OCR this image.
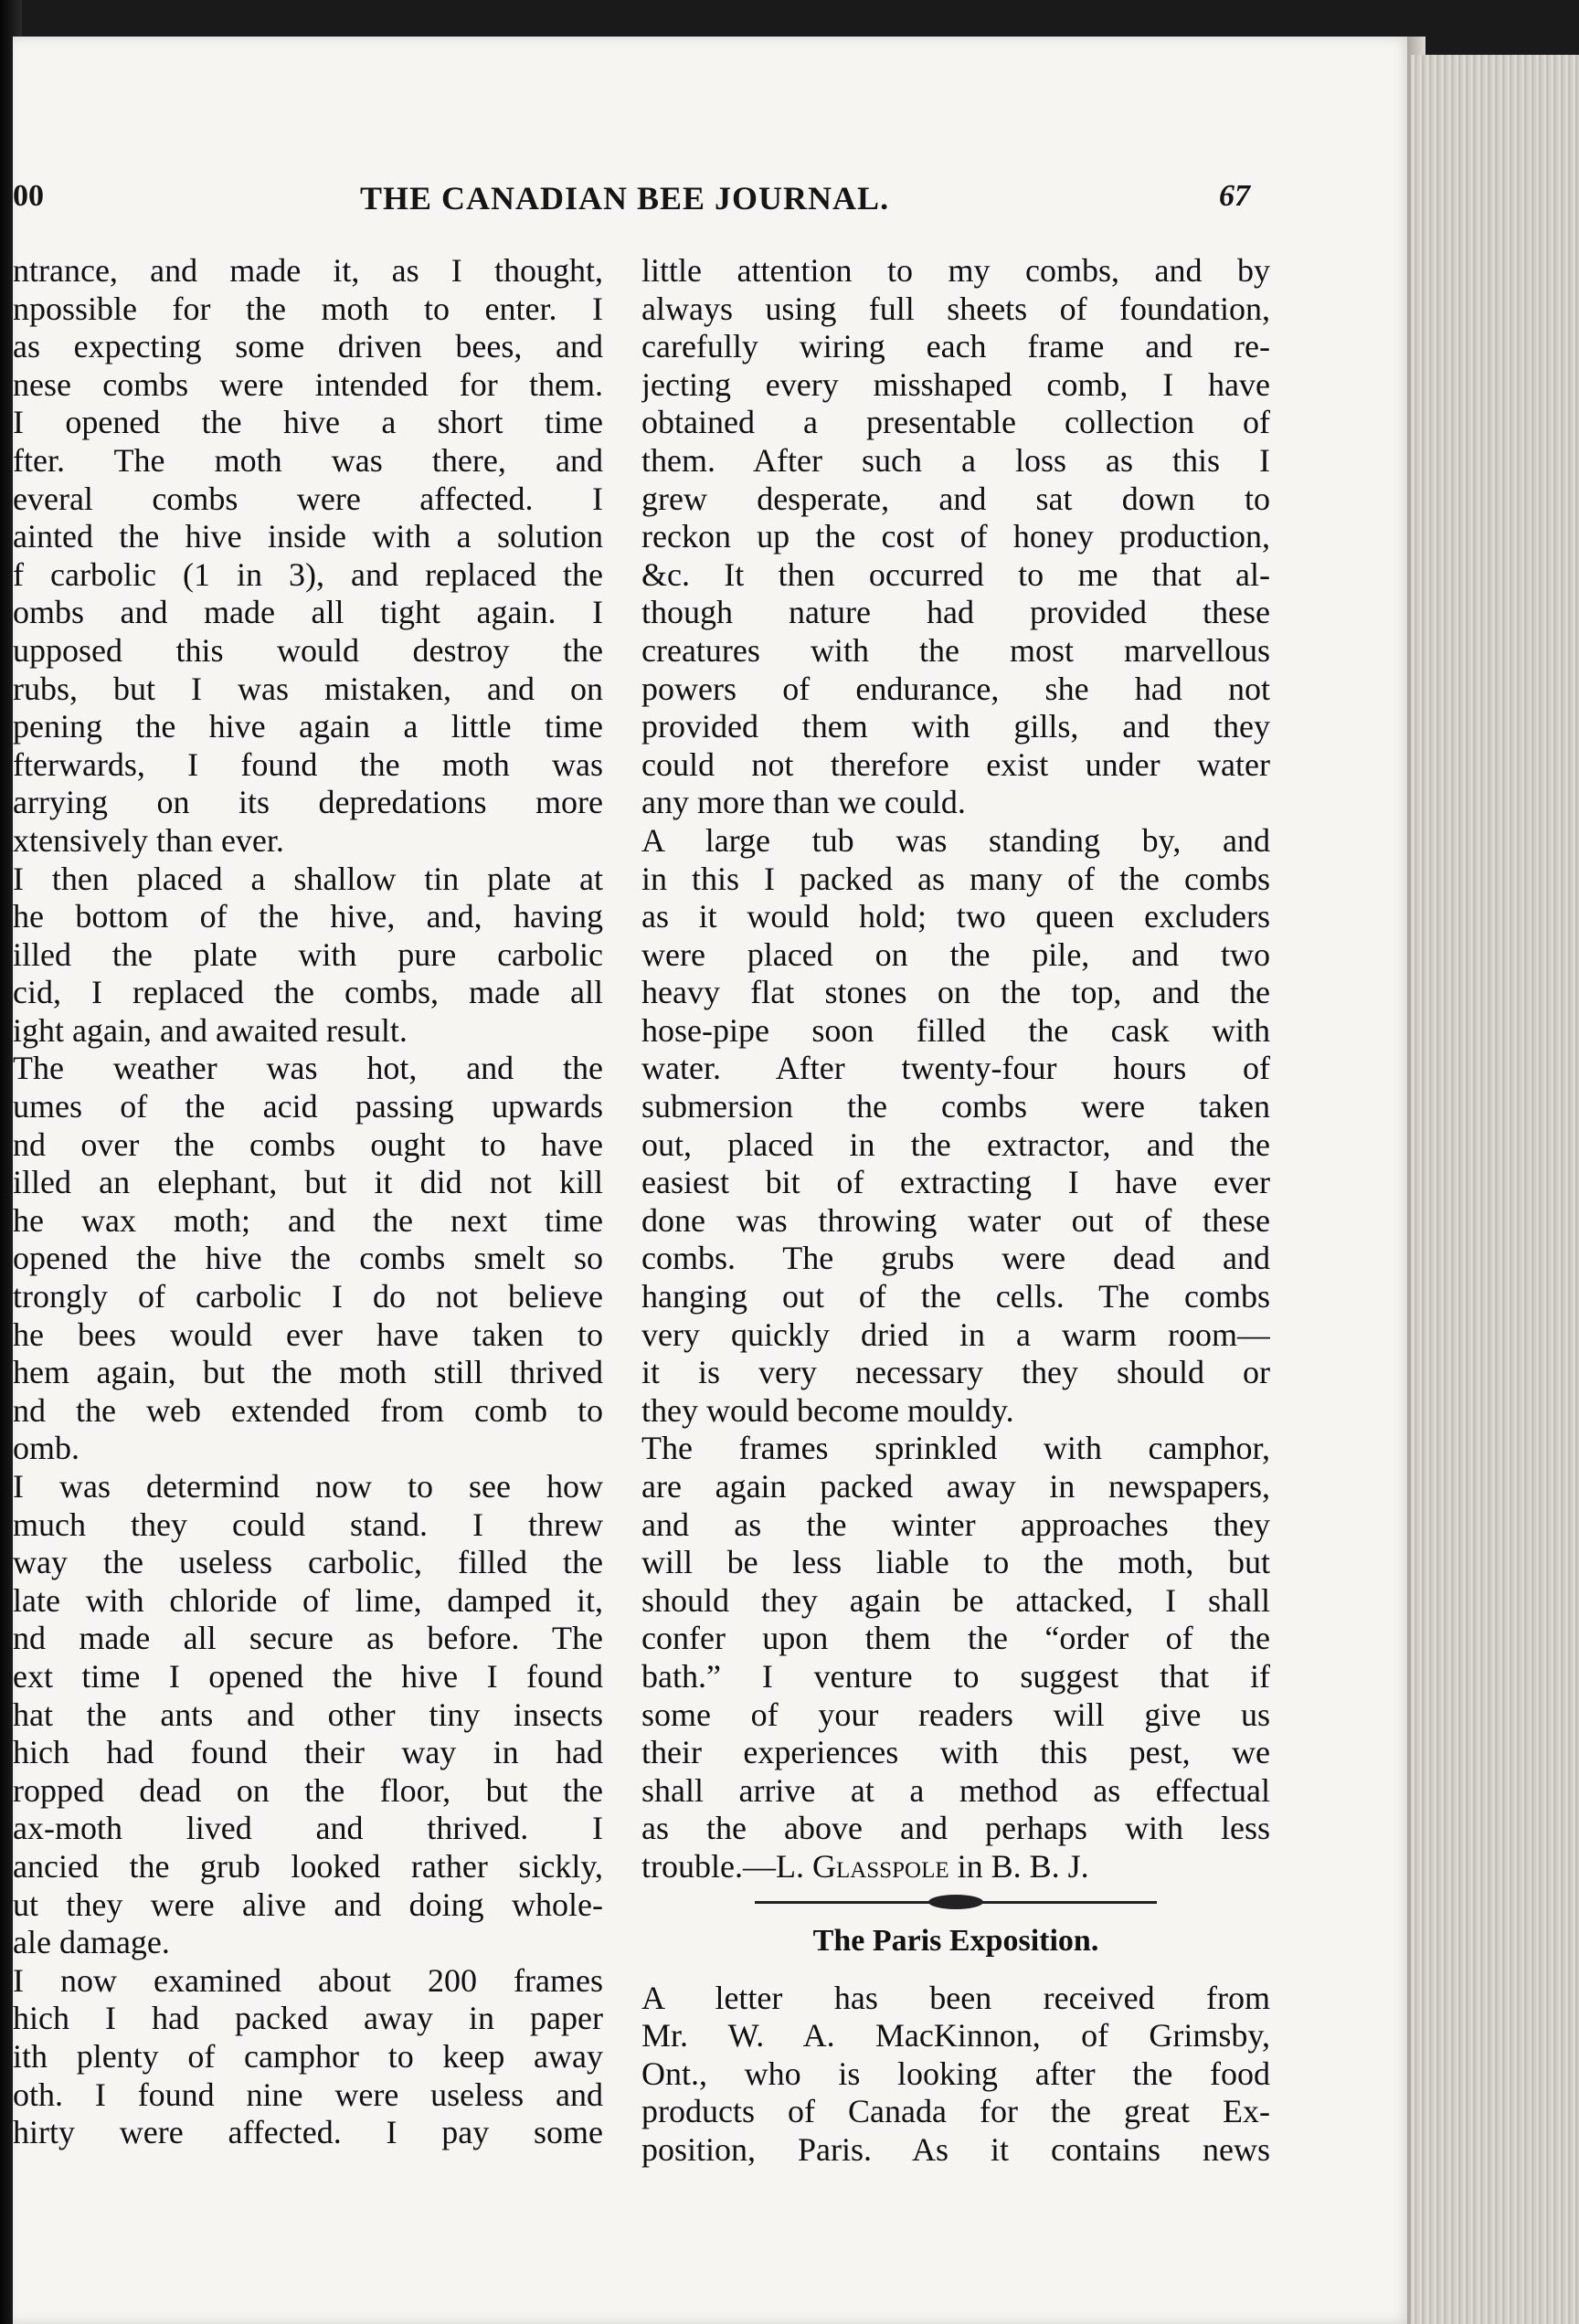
00	THE CANADIAN BEE JOURNAL.	67

ntrance, and made it, as I thought,

npossible for the moth to enter. I

as expecting some driven bees, and

nese combs were intended for them.

I opened the hive a short time

fter. The moth was there, and

everal combs were affected. I

ainted the hive inside with a solution

f carbolic (1 in 3), and replaced the

ombs and made all tight again. I

upposed this would destroy the

rubs, but I was mistaken, and on

pening the hive again a little time

fterwards, I found the moth was

arrying on its depredations more

xtensively than ever.

I then placed a shallow tin plate at

he bottom of the hive, and, having

illed the plate with pure carbolic

cid, I replaced the combs, made all

ight again, and awaited result.

The weather was hot, and the

umes of the acid passing upwards

nd over the combs ought to have

illed an elephant, but it did not kill

he wax moth; and the next time

opened the hive the combs smelt so

trongly of carbolic I do not believe

he bees would ever have taken to

hem again, but the moth still thrived

nd the web extended from comb to

omb.

I was determind now to see how

much they could stand. I threw

way the useless carbolic, filled the

late with chloride of lime, damped it,

nd made all secure as before. The

ext time I opened the hive I found

hat the ants and other tiny insects

hich had found their way in had

ropped dead on the floor, but the

ax-moth lived and thrived. I

ancied the grub looked rather sickly,

ut they were alive and doing whole-

ale damage.

I now examined about 200 frames

hich I had packed away in paper

ith plenty of camphor to keep away

oth. I found nine were useless and

hirty were affected. I pay some

little attention to my combs, and by

always using full sheets of foundation,

carefully wiring each frame and re-

jecting every misshaped comb, I have

obtained a presentable collection of

them. After such a loss as this I

grew desperate, and sat down to

reckon up the cost of honey production,

&c. It then occurred to me that al-

though nature had provided these

creatures with the most marvellous

powers of endurance, she had not

provided them with gills, and they

could not therefore exist under water

any more than we could.

A large tub was standing by, and

in this I packed as many of the combs

as it would hold; two queen excluders

were placed on the pile, and two

heavy flat stones on the top, and the

hose-pipe soon filled the cask with

water. After twenty-four hours of

submersion the combs were taken

out, placed in the extractor, and the

easiest bit of extracting I have ever

done was throwing water out of these

combs. The grubs were dead and

hanging out of the cells. The combs

very quickly dried in a warm room—

it is very necessary they should or

they would become mouldy.

The frames sprinkled with camphor,

are again packed away in newspapers,

and as the winter approaches they

will be less liable to the moth, but

should they again be attacked, I shall

confer upon them the “order of the

bath.” I venture to suggest that if

some of your readers will give us

their experiences with this pest, we

shall arrive at a method as effectual

as the above and perhaps with less

trouble.—L. Glasspole in B. B. J.

The Paris Exposition.

A letter has been received from

Mr. W. A. MacKinnon, of Grimsby,

Ont., who is looking after the food

products of Canada for the great Ex-

position, Paris. As it contains news
